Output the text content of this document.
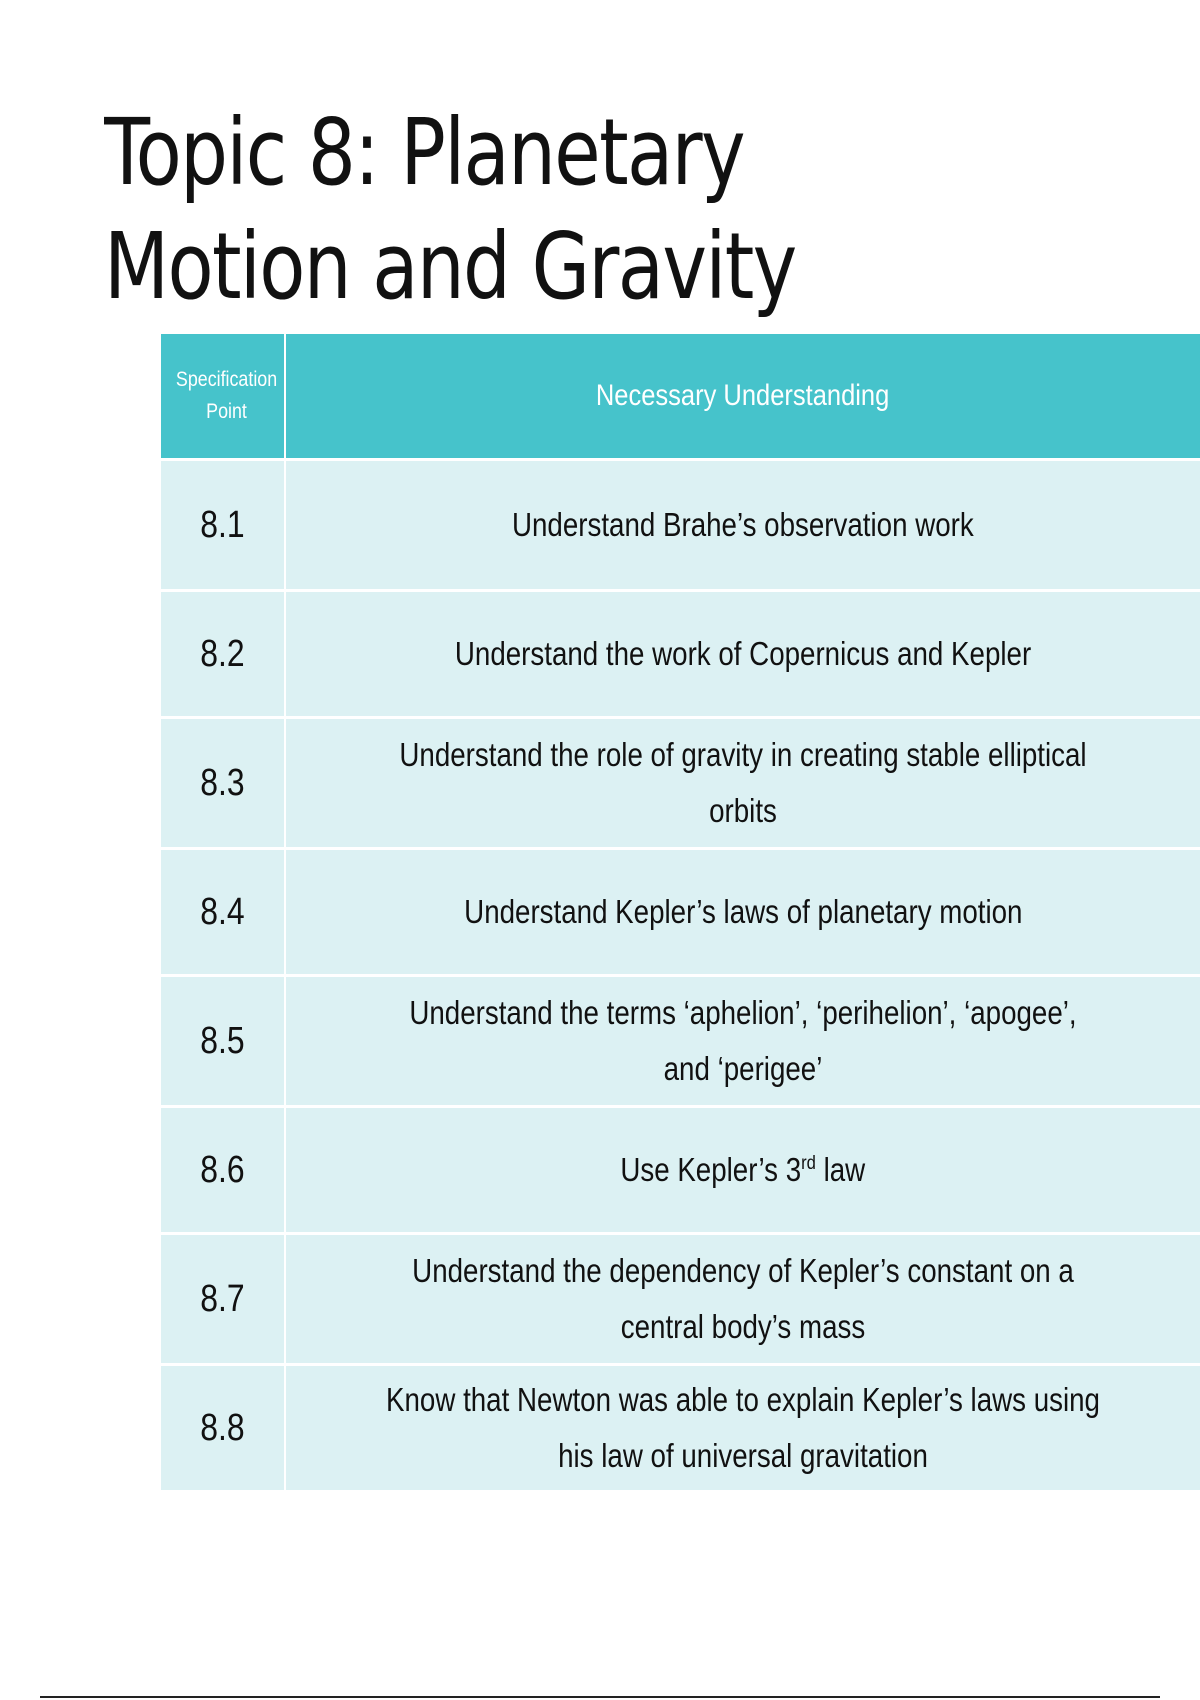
Topic 8: Planetary Motion and Gravity
Specification Point	Necessary Understanding
8.1	Understand Brahe’s observation work
8.2	Understand the work of Copernicus and Kepler
8.3	Understand the role of gravity in creating stable elliptical orbits
8.4	Understand Kepler’s laws of planetary motion
8.5	Understand the terms ‘aphelion’, ‘perihelion’, ‘apogee’, and ‘perigee’
8.6	Use Kepler’s 3rd law
8.7	Understand the dependency of Kepler’s constant on a central body’s mass
8.8	Know that Newton was able to explain Kepler’s laws using his law of universal gravitation
